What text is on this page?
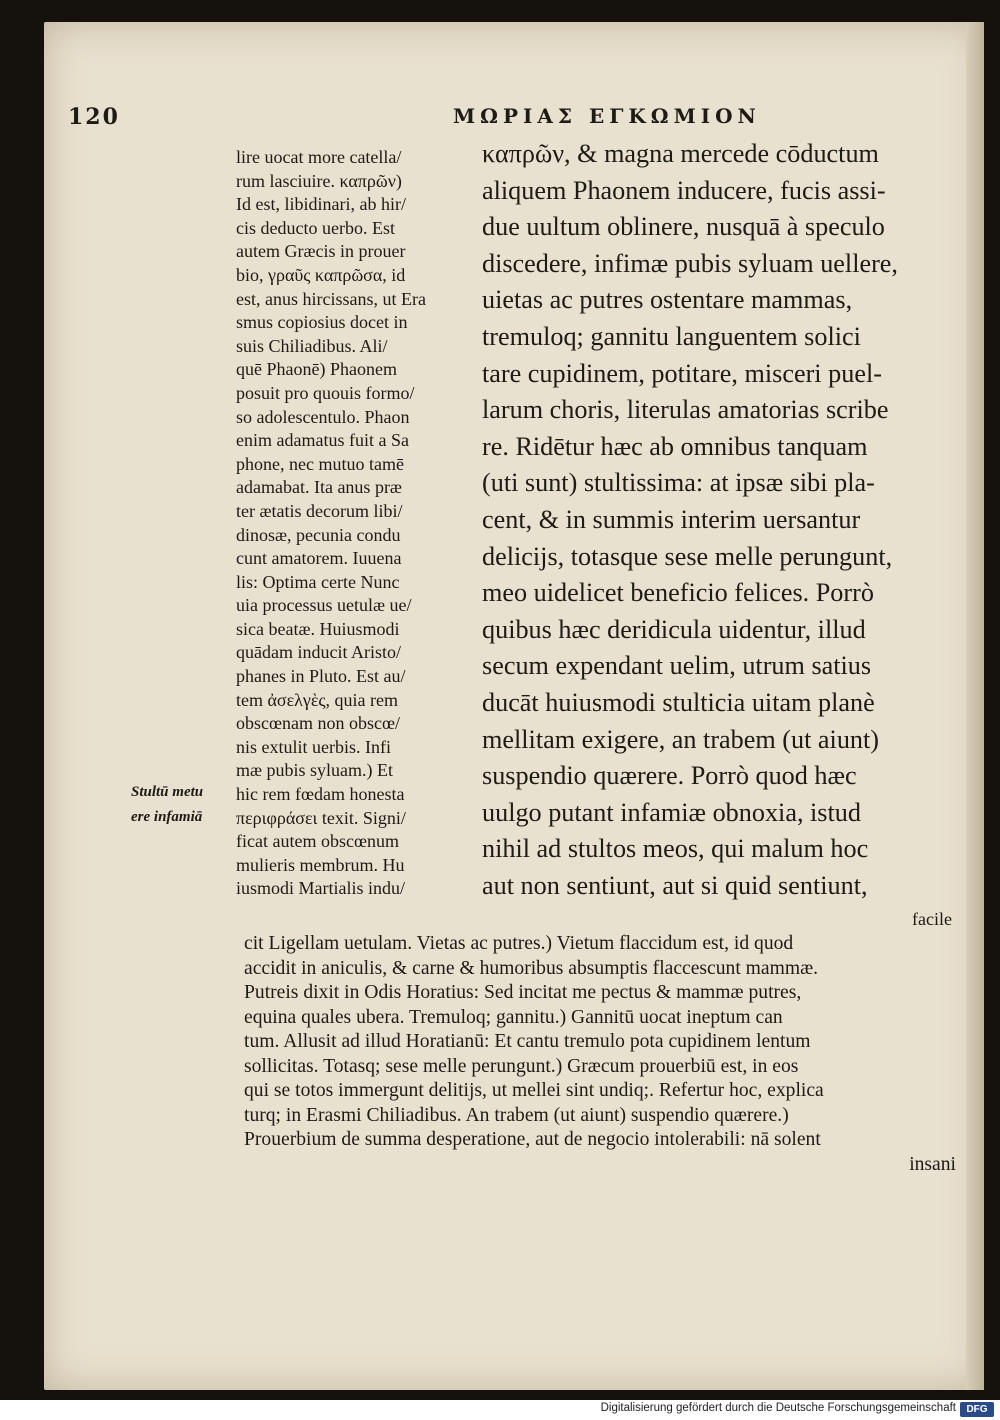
120	ΜΩΡΙΑΣ ΕΓΚΩΜΙΟΝ
lire uocat more catella/
rum lasciuire. καπρῶν)
Id est, libidinari, ab hir/
cis deducto uerbo. Est
autem Græcis in prouer
bio, γραῦς καπρῶσα, id
est, anus hircissans, ut Era
smus copiosius docet in
suis Chiliadibus. Ali/
quē Phaonē) Phaonem
posuit pro quouis formo/
so adolescentulo. Phaon
enim adamatus fuit a Sa
phone, nec mutuo tamē
adamabat. Ita anus præ
ter ætatis decorum libi/
dinosæ, pecunia condu
cunt amatorem. Iuuena
lis: Optima certe Nunc
uia processus uetulæ ue/
sica beatæ. Huiusmodi
quādam inducit Aristo/
phanes in Pluto. Est au/
tem ἀσελγὲς, quia rem
obscœnam non obscœ/
nis extulit uerbis. Infi
mæ pubis syluam.) Et
hic rem fœdam honesta
περιφράσει texit. Signi/
ficat autem obscœnum
mulieris membrum. Hu
iusmodi Martialis indu/
καπρῶν, & magna mercede cōductum
aliquem Phaonem inducere, fucis assi-
due uultum oblinere, nusquā à speculo
discedere, infimæ pubis syluam uellere,
uietas ac putres ostentare mammas,
tremuloq; gannitu languentem solici
tare cupidinem, potitare, misceri puel-
larum choris, literulas amatorias scribe
re. Ridētur hæc ab omnibus tanquam
(uti sunt) stultissima: at ipsæ sibi pla-
cent, & in summis interim uersantur
delicijs, totasque sese melle perungunt,
meo uidelicet beneficio felices. Porrò
quibus hæc deridicula uidentur, illud
secum expendant uelim, utrum satius
ducāt huiusmodi stulticia uitam planè
mellitam exigere, an trabem (ut aiunt)
suspendio quærere. Porrò quod hæc
uulgo putant infamiæ obnoxia, istud
nihil ad stultos meos, qui malum hoc
aut non sentiunt, aut si quid sentiunt,
facile
Stultū metu
ere infamiā
cit Ligellam uetulam. Vietas ac putres.) Vietum flaccidum est, id quod
accidit in aniculis, & carne & humoribus absumptis flaccescunt mammæ.
Putreis dixit in Odis Horatius: Sed incitat me pectus & mammæ putres,
equina quales ubera. Tremuloq; gannitu.) Gannitū uocat ineptum can
tum. Allusit ad illud Horatianū: Et cantu tremulo pota cupidinem lentum
sollicitas. Totasq; sese melle perungunt.) Græcum prouerbiū est, in eos
qui se totos immergunt delitijs, ut mellei sint undiq;. Refertur hoc, explica
turq; in Erasmi Chiliadibus. An trabem (ut aiunt) suspendio quærere.)
Prouerbium de summa desperatione, aut de negocio intolerabili: nā solent
insani
Digitalisierung gefördert durch die Deutsche Forschungsgemeinschaft	DFG
